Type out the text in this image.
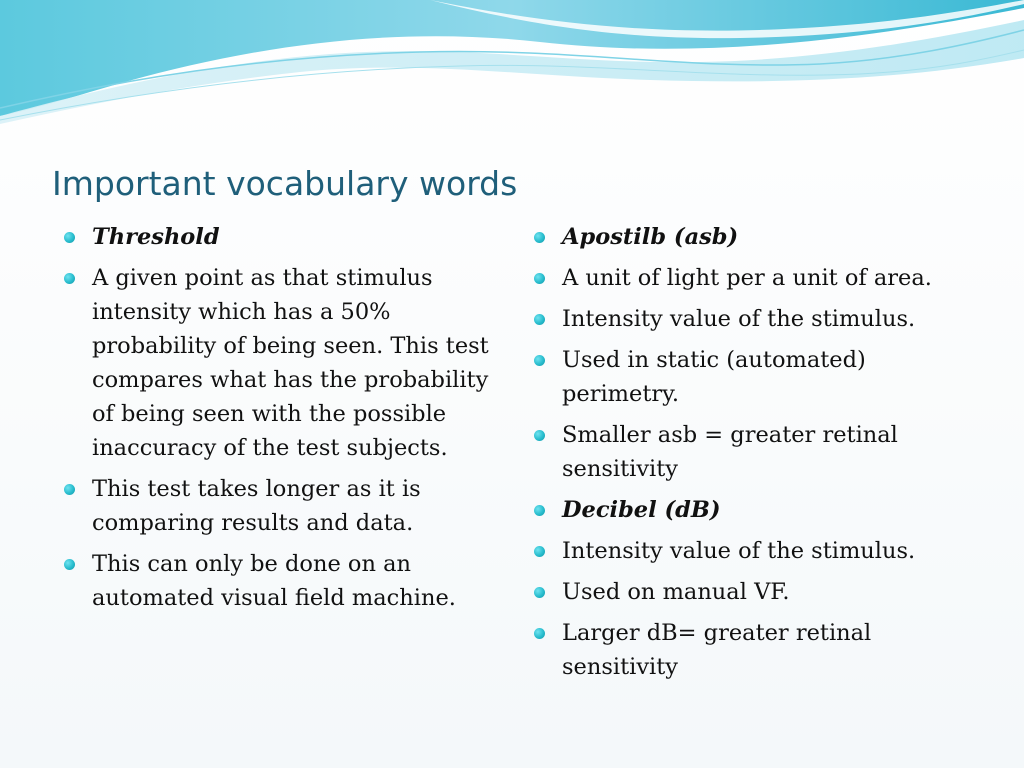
Important vocabulary words
Threshold
A given point as that stimulus intensity which has a 50% probability of being seen. This test compares what has the probability of being seen with the possible inaccuracy of the test subjects.
This test takes longer as it is comparing results and data.
This can only be done on an automated visual field machine.
Apostilb (asb)
A unit of light per a unit of area.
Intensity value of the stimulus.
Used in static (automated) perimetry.
Smaller asb = greater retinal sensitivity
Decibel (dB)
Intensity value of the stimulus.
Used on manual VF.
Larger dB= greater retinal sensitivity
